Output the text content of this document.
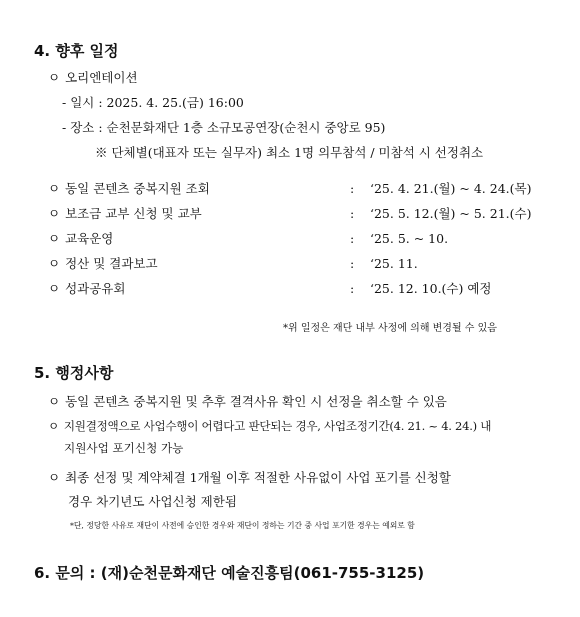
4. 향후 일정
ㅇ 오리엔테이션
- 일시 : 2025. 4. 25.(금) 16:00
- 장소 : 순천문화재단 1층 소규모공연장(순천시 중앙로 95)
※ 단체별(대표자 또는 실무자) 최소 1명 의무참석 / 미참석 시 선정취소
ㅇ 동일 콘텐츠 중복지원 조회	: ‘25. 4. 21.(월) ~ 4. 24.(목)
ㅇ 보조금 교부 신청 및 교부	: ‘25. 5. 12.(월) ~ 5. 21.(수)
ㅇ 교육운영	: ‘25. 5. ~ 10.
ㅇ 정산 및 결과보고	: ‘25. 11.
ㅇ 성과공유회	: ‘25. 12. 10.(수) 예정
*위 일정은 재단 내부 사정에 의해 변경될 수 있음
5. 행정사항
ㅇ 동일 콘텐츠 중복지원 및 추후 결격사유 확인 시 선정을 취소할 수 있음
ㅇ 지원결정액으로 사업수행이 어렵다고 판단되는 경우, 사업조정기간(4. 21. ~ 4. 24.) 내
지원사업 포기신청 가능
ㅇ 최종 선정 및 계약체결 1개월 이후 적절한 사유없이 사업 포기를 신청할
경우 차기년도 사업신청 제한됨
*단, 정당한 사유로 재단이 사전에 승인한 경우와 재단이 정하는 기간 중 사업 포기한 경우는 예외로 함
6. 문의 : (재)순천문화재단 예술진흥팀(061-755-3125)
